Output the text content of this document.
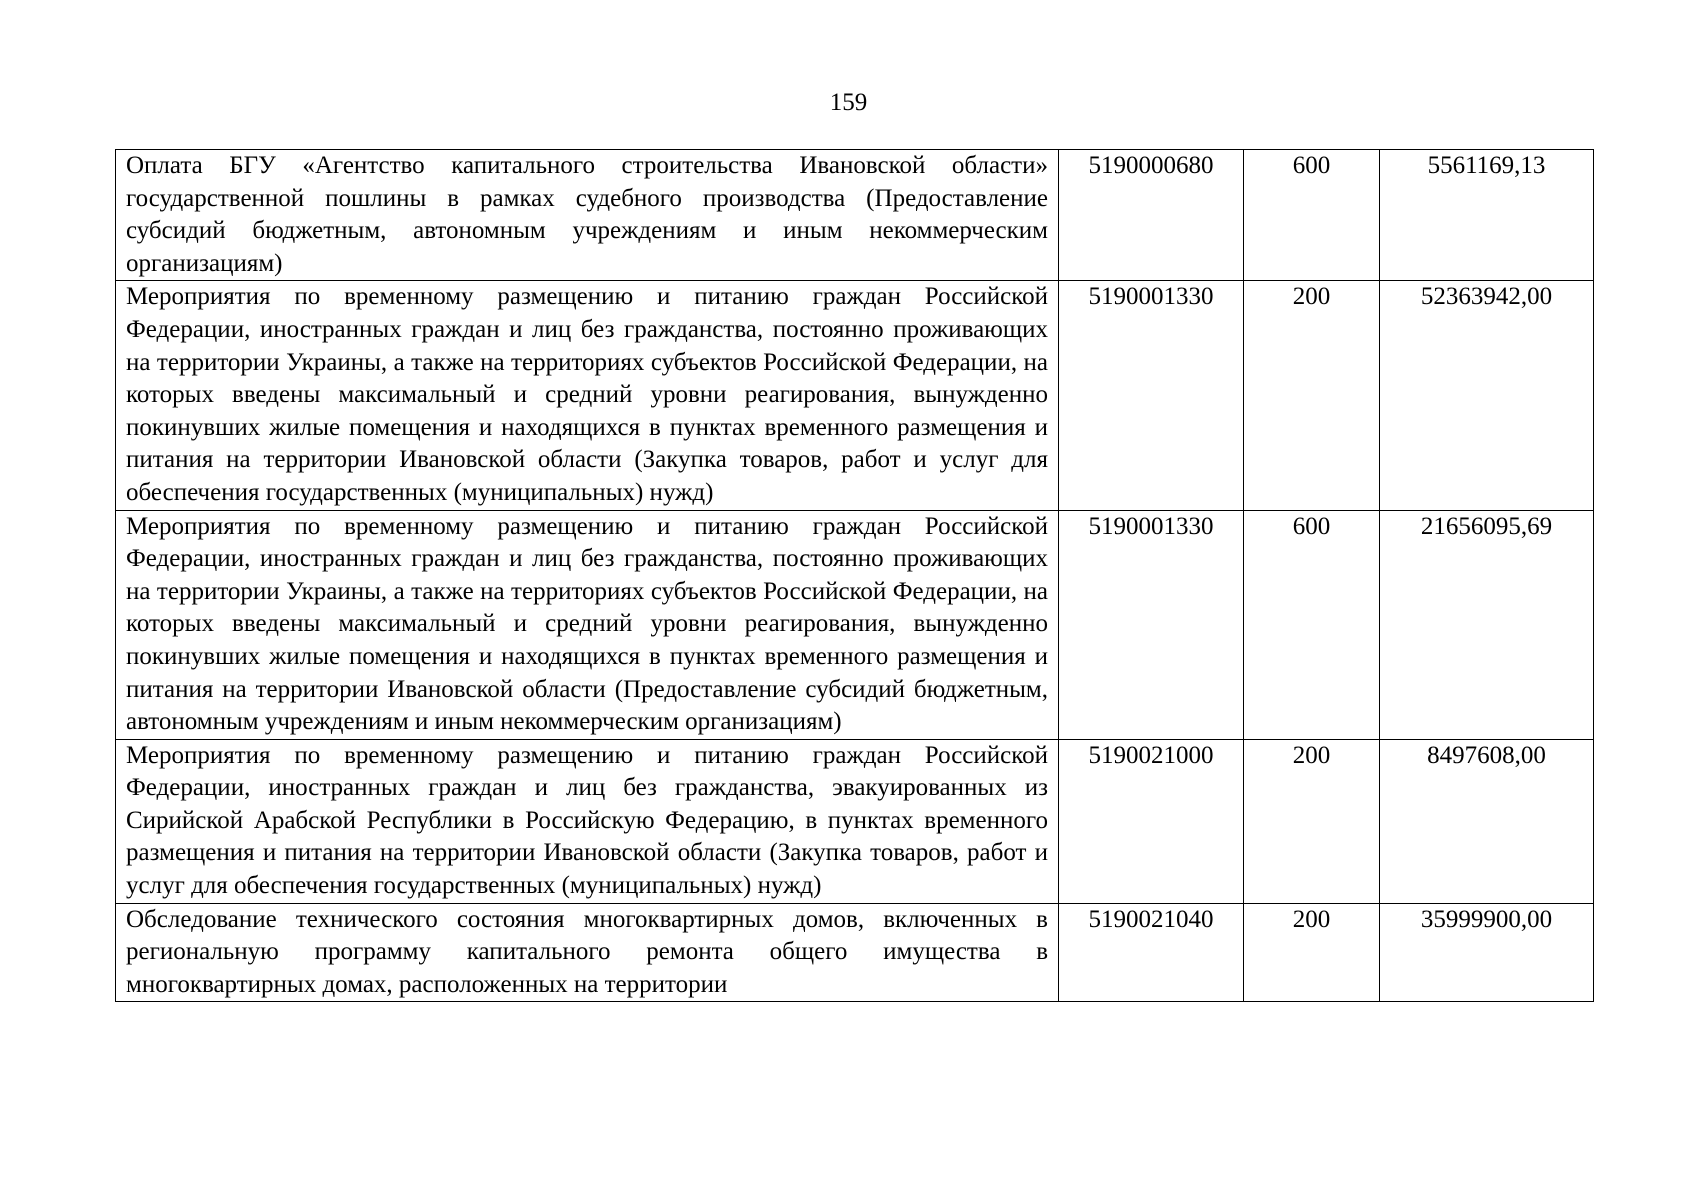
159
Оплата БГУ «Агентство капитального строительства Ивановской области» государственной пошлины в рамках судебного производства (Предоставление субсидий бюджетным, автономным учреждениям и иным некоммерческим организациям)	5190000680	600	5561169,13

Мероприятия по временному размещению и питанию граждан Российской Федерации, иностранных граждан и лиц без гражданства, постоянно проживающих на территории Украины, а также на территориях субъектов Российской Федерации, на которых введены максимальный и средний уровни реагирования, вынужденно покинувших жилые помещения и находящихся в пунктах временного размещения и питания на территории Ивановской области (Закупка товаров, работ и услуг для обеспечения государственных (муниципальных) нужд)	5190001330	200	52363942,00

Мероприятия по временному размещению и питанию граждан Российской Федерации, иностранных граждан и лиц без гражданства, постоянно проживающих на территории Украины, а также на территориях субъектов Российской Федерации, на которых введены максимальный и средний уровни реагирования, вынужденно покинувших жилые помещения и находящихся в пунктах временного размещения и питания на территории Ивановской области (Предоставление субсидий бюджетным, автономным учреждениям и иным некоммерческим организациям)	5190001330	600	21656095,69

Мероприятия по временному размещению и питанию граждан Российской Федерации, иностранных граждан и лиц без гражданства, эвакуированных из Сирийской Арабской Республики в Российскую Федерацию, в пунктах временного размещения и питания на территории Ивановской области (Закупка товаров, работ и услуг для обеспечения государственных (муниципальных) нужд)	5190021000	200	8497608,00

Обследование технического состояния многоквартирных домов, включенных в региональную программу капитального ремонта общего имущества в многоквартирных домах, расположенных на территории	5190021040	200	35999900,00
